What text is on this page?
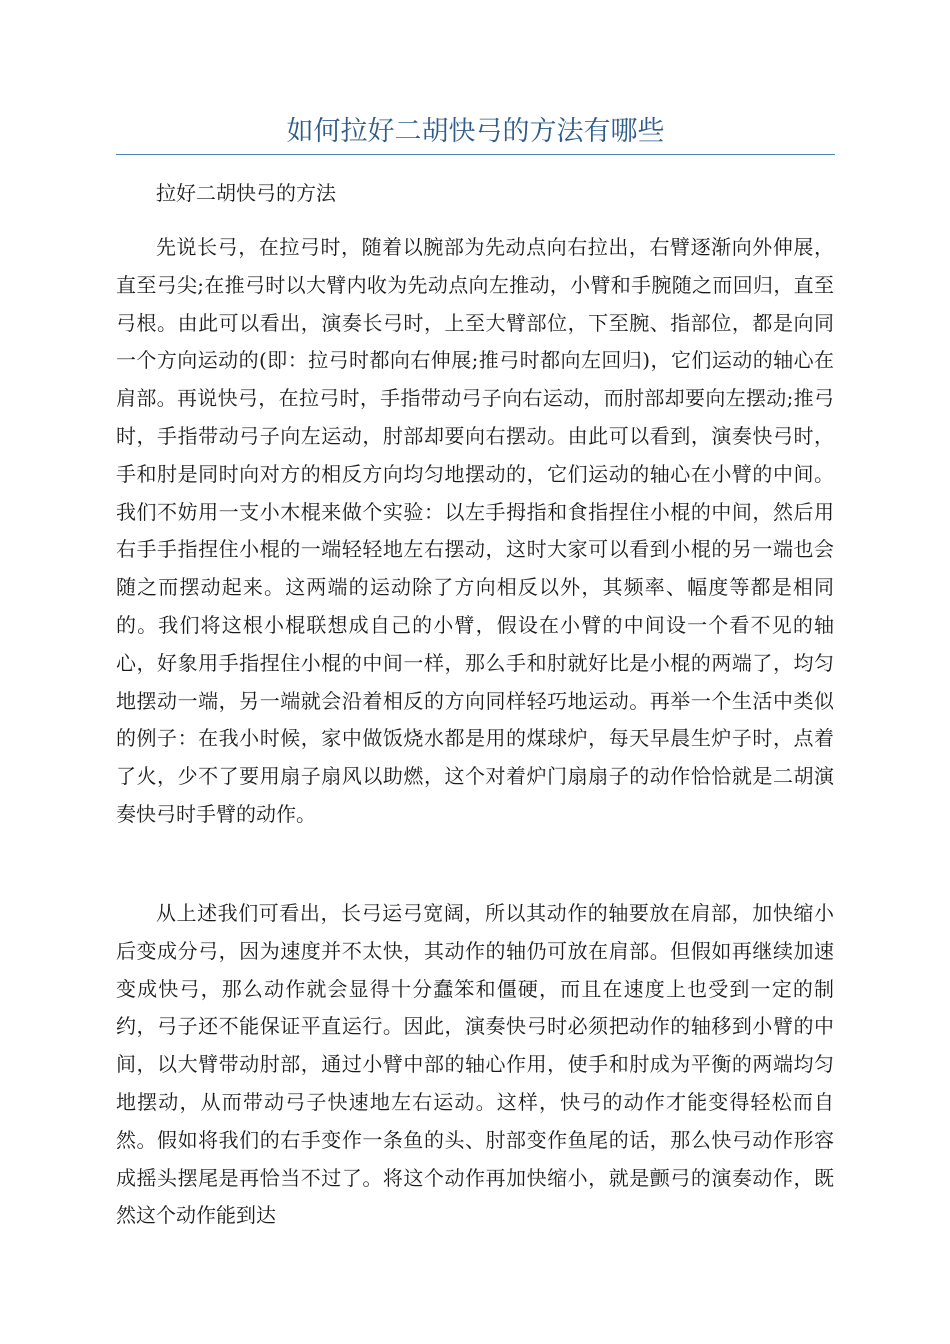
如何拉好二胡快弓的方法有哪些

拉好二胡快弓的方法

先说长弓，在拉弓时，随着以腕部为先动点向右拉出，右臂逐渐向外伸展，直至弓尖;在推弓时以大臂内收为先动点向左推动，小臂和手腕随之而回归，直至弓根。由此可以看出，演奏长弓时，上至大臂部位，下至腕、指部位，都是向同一个方向运动的(即：拉弓时都向右伸展;推弓时都向左回归)，它们运动的轴心在肩部。再说快弓，在拉弓时，手指带动弓子向右运动，而肘部却要向左摆动;推弓时，手指带动弓子向左运动，肘部却要向右摆动。由此可以看到，演奏快弓时，手和肘是同时向对方的相反方向均匀地摆动的，它们运动的轴心在小臂的中间。我们不妨用一支小木棍来做个实验：以左手拇指和食指捏住小棍的中间，然后用右手手指捏住小棍的一端轻轻地左右摆动，这时大家可以看到小棍的另一端也会随之而摆动起来。这两端的运动除了方向相反以外，其频率、幅度等都是相同的。我们将这根小棍联想成自己的小臂，假设在小臂的中间设一个看不见的轴心，好象用手指捏住小棍的中间一样，那么手和肘就好比是小棍的两端了，均匀地摆动一端，另一端就会沿着相反的方向同样轻巧地运动。再举一个生活中类似的例子：在我小时候，家中做饭烧水都是用的煤球炉，每天早晨生炉子时，点着了火，少不了要用扇子扇风以助燃，这个对着炉门扇扇子的动作恰恰就是二胡演奏快弓时手臂的动作。

从上述我们可看出，长弓运弓宽阔，所以其动作的轴要放在肩部，加快缩小后变成分弓，因为速度并不太快，其动作的轴仍可放在肩部。但假如再继续加速变成快弓，那么动作就会显得十分蠢笨和僵硬，而且在速度上也受到一定的制约，弓子还不能保证平直运行。因此，演奏快弓时必须把动作的轴移到小臂的中间，以大臂带动肘部，通过小臂中部的轴心作用，使手和肘成为平衡的两端均匀地摆动，从而带动弓子快速地左右运动。这样，快弓的动作才能变得轻松而自然。假如将我们的右手变作一条鱼的头、肘部变作鱼尾的话，那么快弓动作形容成摇头摆尾是再恰当不过了。将这个动作再加快缩小，就是颤弓的演奏动作，既然这个动作能到达
